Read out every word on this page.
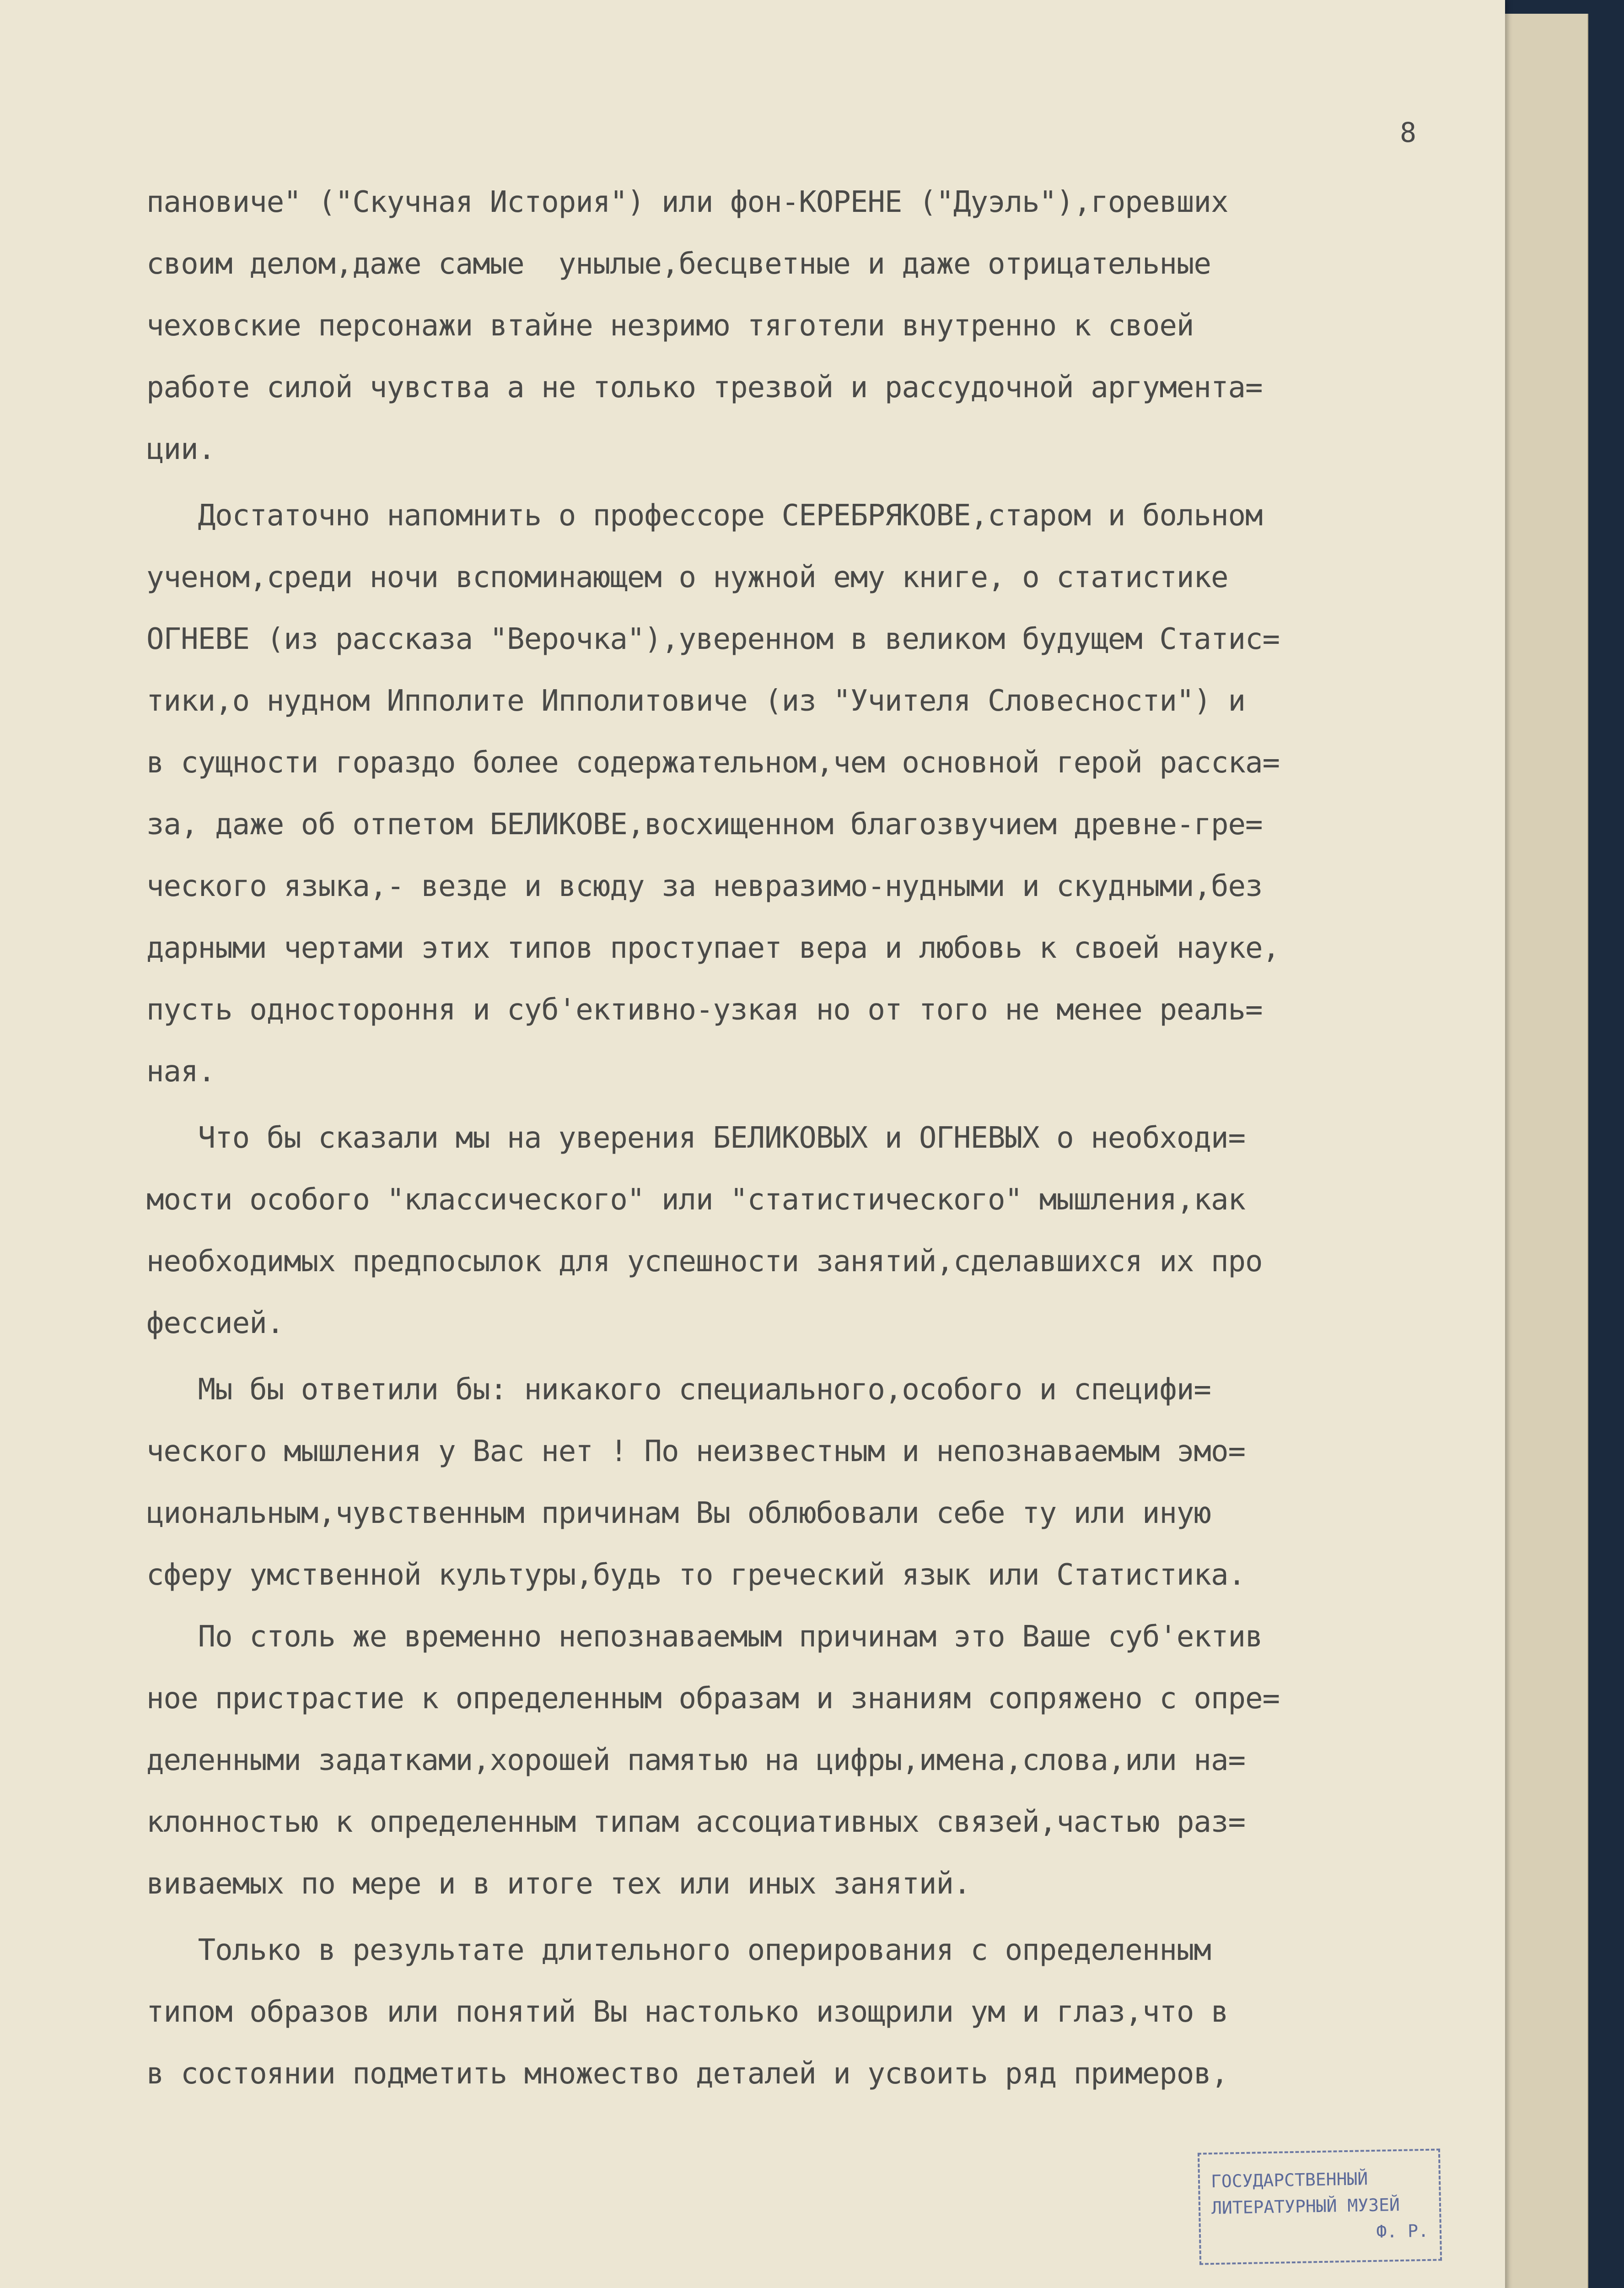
8
пановиче" ("Скучная История") или фон-КОРЕНЕ ("Дуэль"),горевших
своим делом,даже самые  унылые,бесцветные и даже отрицательные
чеховские персонажи втайне незримо тяготели внутренно к своей
работе силой чувства а не только трезвой и рассудочной аргумента=
ции.
Достаточно напомнить о профессоре СЕРЕБРЯКОВЕ,старом и больном
ученом,среди ночи вспоминающем о нужной ему книге, о статистике
ОГНЕВЕ (из рассказа "Верочка"),уверенном в великом будущем Статис=
тики,о нудном Ипполите Ипполитовиче (из "Учителя Словесности") и
в сущности гораздо более содержательном,чем основной герой расска=
за, даже об отпетом БЕЛИКОВЕ,восхищенном благозвучием древне-гре=
ческого языка,- везде и всюду за невразимо-нудными и скудными,без
дарными чертами этих типов проступает вера и любовь к своей науке,
пусть одностороння и суб'ективно-узкая но от того не менее реаль=
ная.
Что бы сказали мы на уверения БЕЛИКОВЫХ и ОГНЕВЫХ о необходи=
мости особого "классического" или "статистического" мышления,как
необходимых предпосылок для успешности занятий,сделавшихся их про
фессией.
Мы бы ответили бы: никакого специального,особого и специфи=
ческого мышления у Вас нет ! По неизвестным и непознаваемым эмо=
циональным,чувственным причинам Вы облюбовали себе ту или иную
сферу умственной культуры,будь то греческий язык или Статистика.
По столь же временно непознаваемым причинам это Ваше суб'ектив
ное пристрастие к определенным образам и знаниям сопряжено с опре=
деленными задатками,хорошей памятью на цифры,имена,слова,или на=
клонностью к определенным типам ассоциативных связей,частью раз=
виваемых по мере и в итоге тех или иных занятий.
Только в результате длительного оперирования с определенным
типом образов или понятий Вы настолько изощрили ум и глаз,что в
в состоянии подметить множество деталей и усвоить ряд примеров,
ГОСУДАРСТВЕННЫЙ
ЛИТЕРАТУРНЫЙ МУЗЕЙ
Ф. Р.
